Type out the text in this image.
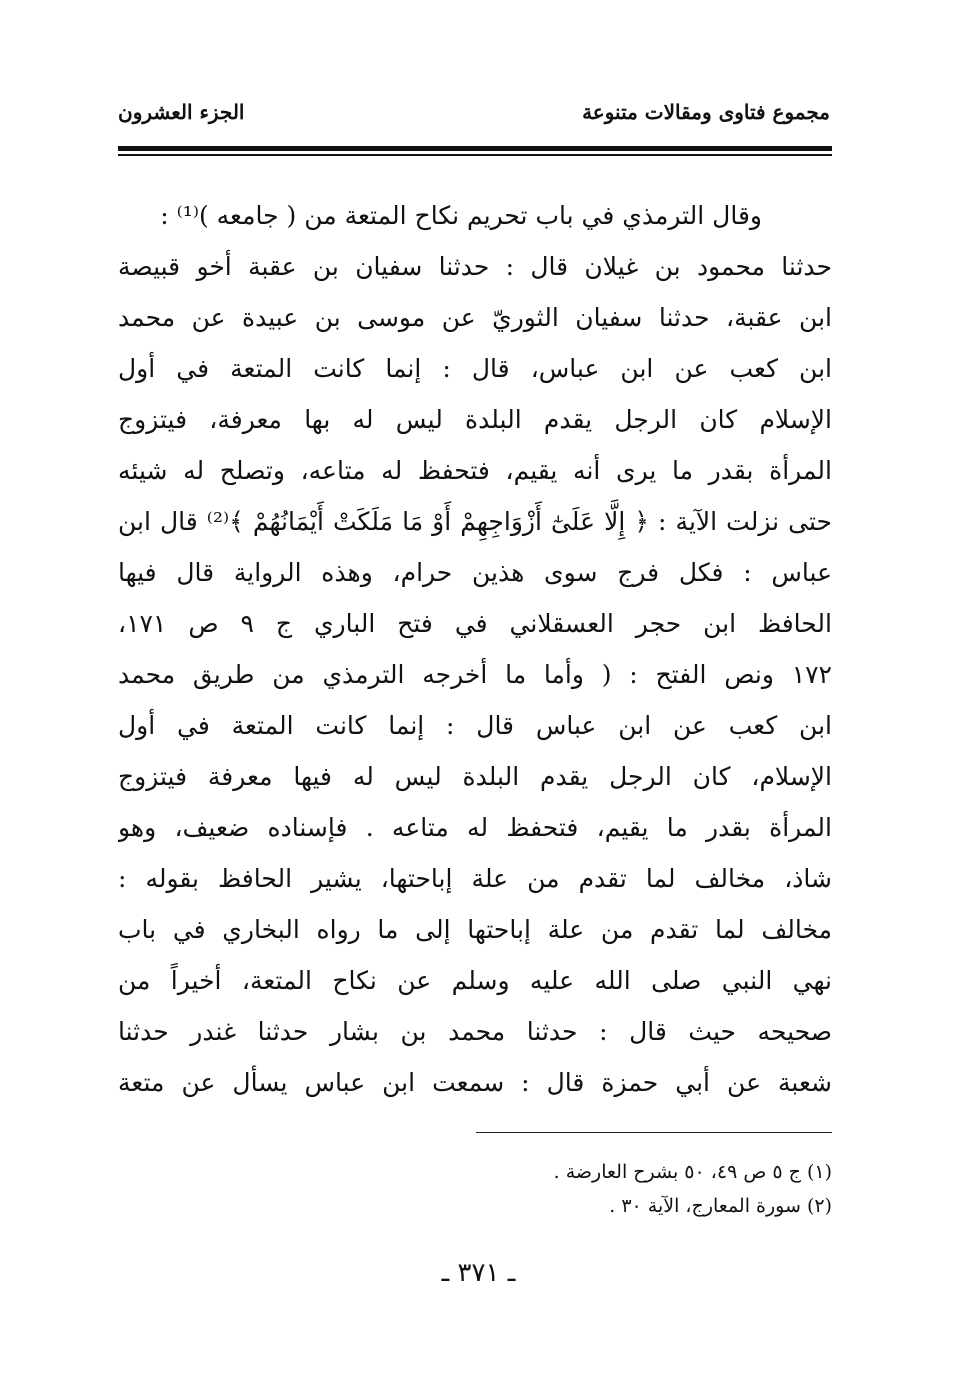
مجموع فتاوى ومقالات متنوعة
الجزء العشرون
وقال الترمذي في باب تحريم نكاح المتعة من ( جامعه )⁽¹⁾ :
حدثنا محمود بن غيلان قال : حدثنا سفيان بن عقبة أخو قبيصة
ابن عقبة، حدثنا سفيان الثوريّ عن موسى بن عبيدة عن محمد
ابن كعب عن ابن عباس، قال : إنما كانت المتعة في أول
الإسلام كان الرجل يقدم البلدة ليس له بها معرفة، فيتزوج
المرأة بقدر ما يرى أنه يقيم، فتحفظ له متاعه، وتصلح له شيئه
حتى نزلت الآية : ﴿ إِلَّا عَلَىٰٓ أَزْوَاجِهِمْ أَوْ مَا مَلَكَتْ أَيْمَانُهُمْ ﴾⁽²⁾ قال ابن
عباس : فكل فرج سوى هذين حرام، وهذه الرواية قال فيها
الحافظ ابن حجر العسقلاني في فتح الباري ج ٩ ص ١٧١،
١٧٢ ونص الفتح : ( وأما ما أخرجه الترمذي من طريق محمد
ابن كعب عن ابن عباس قال : إنما كانت المتعة في أول
الإسلام، كان الرجل يقدم البلدة ليس له فيها معرفة فيتزوج
المرأة بقدر ما يقيم، فتحفظ له متاعه . فإسناده ضعيف، وهو
شاذ، مخالف لما تقدم من علة إباحتها، يشير الحافظ بقوله :
مخالف لما تقدم من علة إباحتها إلى ما رواه البخاري في باب
نهي النبي صلى الله عليه وسلم عن نكاح المتعة، أخيراً من
صحيحه حيث قال : حدثنا محمد بن بشار حدثنا غندر حدثنا
شعبة عن أبي حمزة قال : سمعت ابن عباس يسأل عن متعة
(١) ج ٥ ص ٤٩، ٥٠ بشرح العارضة .
(٢) سورة المعارج، الآية ٣٠ .
ـ ٣٧١ ـ
